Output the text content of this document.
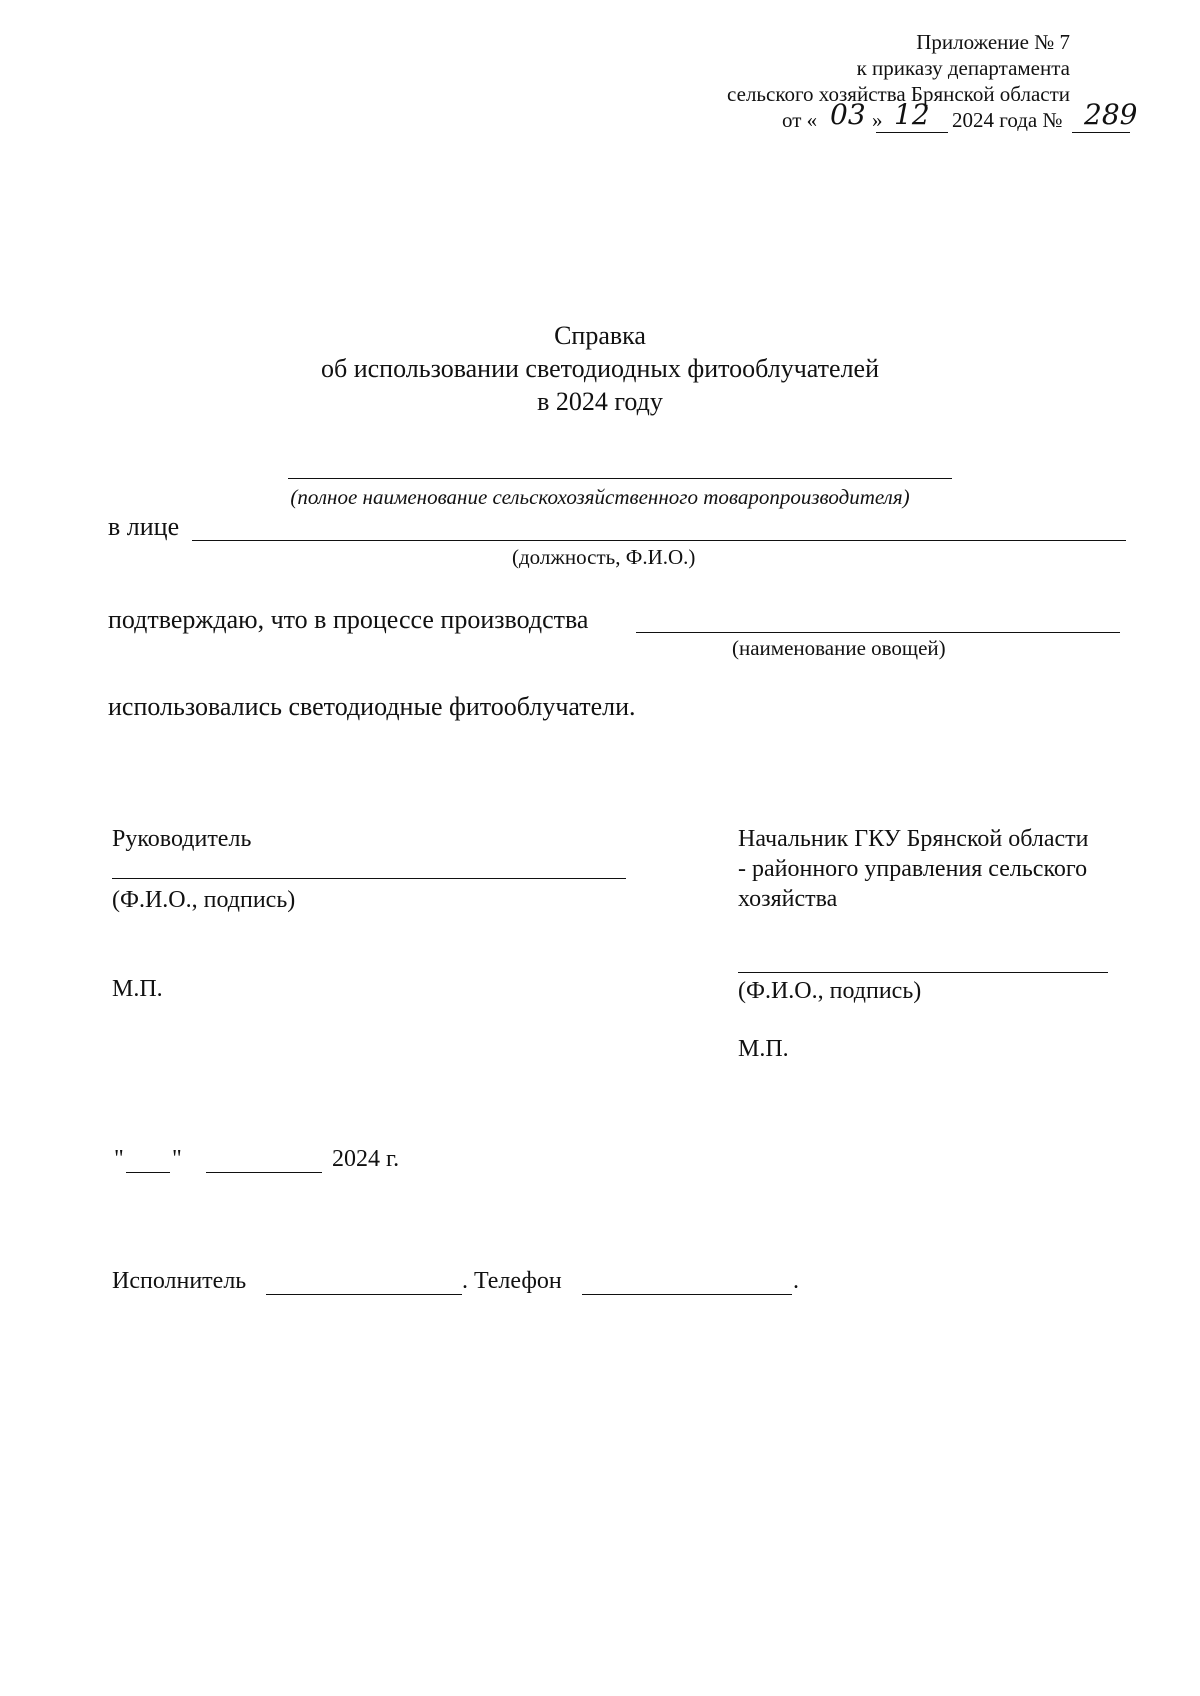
Приложение № 7
к приказу департамента
сельского хозяйства Брянской области
от « 03 » 12 2024 года № 289
Справка
об использовании светодиодных фитооблучателей
в 2024 году
(полное наименование сельскохозяйственного товаропроизводителя)
в лице
(должность, Ф.И.О.)
подтверждаю, что в процессе производства
(наименование овощей)
использовались светодиодные фитооблучатели.
Руководитель
(Ф.И.О., подпись)
М.П.
Начальник ГКУ Брянской области
- районного управления сельского
хозяйства
(Ф.И.О., подпись)
М.П.
" "	2024 г.
Исполнитель	. Телефон	.
